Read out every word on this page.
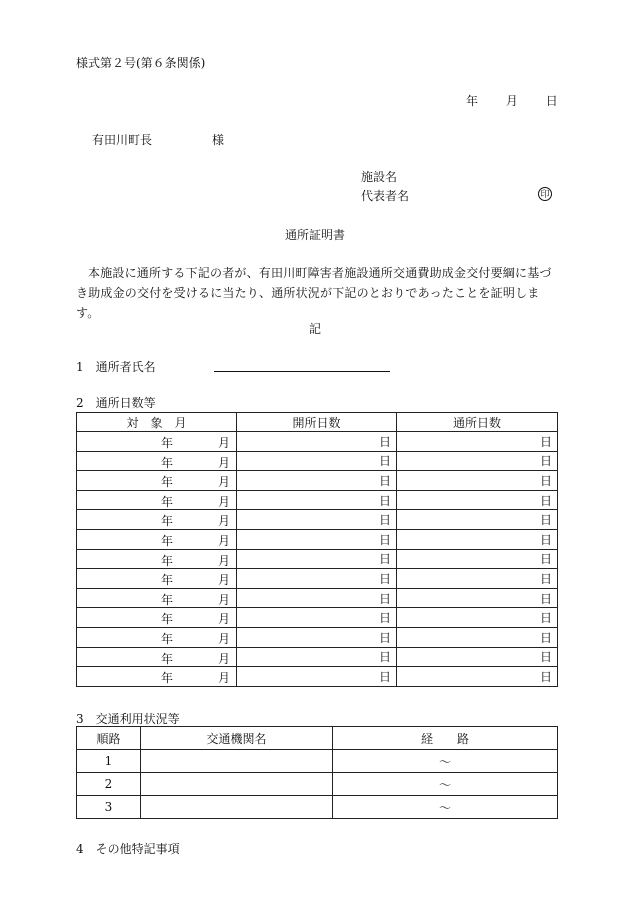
様式第２号(第６条関係)
年 月 日
有田川町長	様
施設名
代表者名	印
通所証明書
本施設に通所する下記の者が、有田川町障害者施設通所交通費助成金交付要綱に基づき助成金の交付を受けるに当たり、通所状況が下記のとおりであったことを証明します。
記
1　通所者氏名
2　通所日数等
対　象　月	開所日数	通所日数

年 月	日	日

年 月	日	日

年 月	日	日

年 月	日	日

年 月	日	日

年 月	日	日

年 月	日	日

年 月	日	日

年 月	日	日

年 月	日	日

年 月	日	日

年 月	日	日

年 月	日	日
3　交通利用状況等
順路	交通機関名	経　　路
1		～
2		～
3		～
4　その他特記事項
